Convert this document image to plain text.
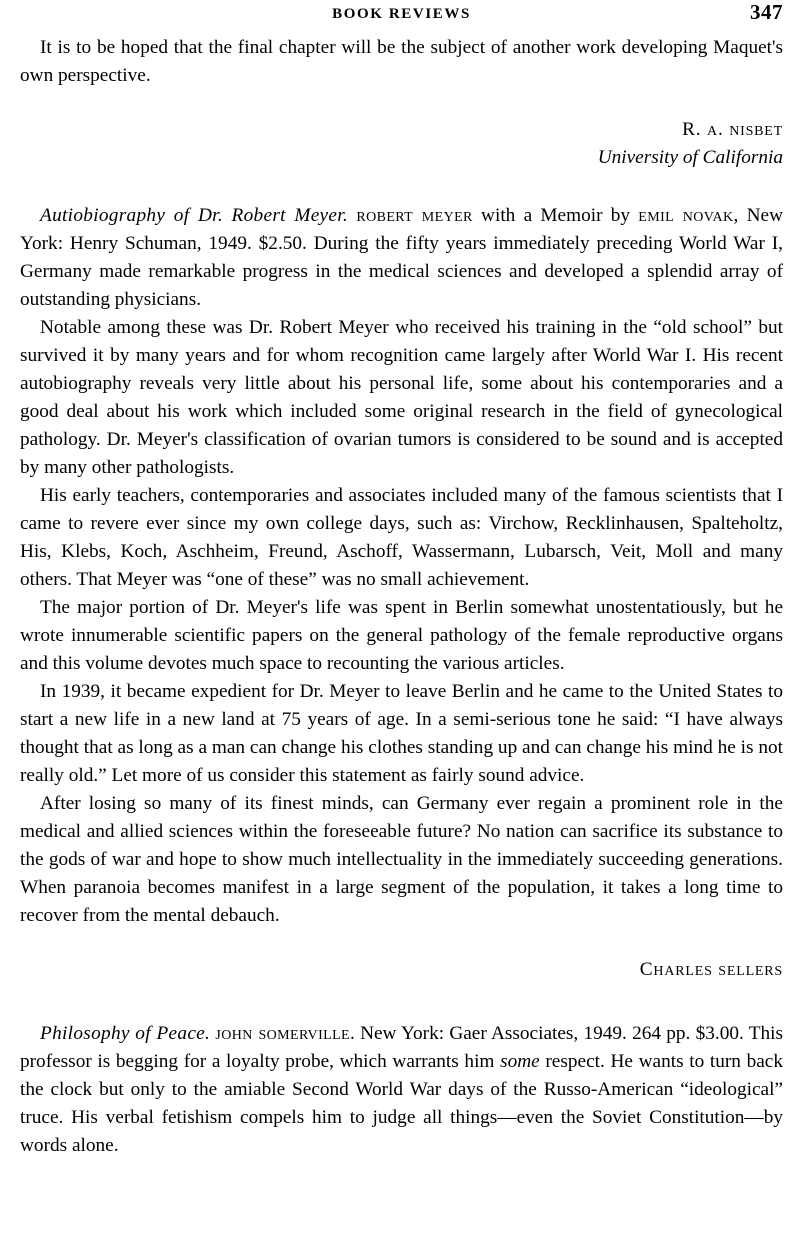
BOOK REVIEWS	347

It is to be hoped that the final chapter will be the subject of another work developing Maquet's own perspective.

R. a. nisbet
University of California

Autiobiography of Dr. Robert Meyer. robert meyer with a Memoir by emil novak, New York: Henry Schuman, 1949. $2.50. During the fifty years immediately preceding World War I, Germany made remarkable progress in the medical sciences and developed a splendid array of outstanding physicians.

Notable among these was Dr. Robert Meyer who received his training in the “old school” but survived it by many years and for whom recognition came largely after World War I. His recent autobiography reveals very little about his personal life, some about his contemporaries and a good deal about his work which included some original research in the field of gynecological pathology. Dr. Meyer's classification of ovarian tumors is considered to be sound and is accepted by many other pathologists.

His early teachers, contemporaries and associates included many of the famous scientists that I came to revere ever since my own college days, such as: Virchow, Recklinhausen, Spalteholtz, His, Klebs, Koch, Aschheim, Freund, Aschoff, Wassermann, Lubarsch, Veit, Moll and many others. That Meyer was “one of these” was no small achievement.

The major portion of Dr. Meyer's life was spent in Berlin somewhat unostentatiously, but he wrote innumerable scientific papers on the general pathology of the female reproductive organs and this volume devotes much space to recounting the various articles.

In 1939, it became expedient for Dr. Meyer to leave Berlin and he came to the United States to start a new life in a new land at 75 years of age. In a semi-serious tone he said: “I have always thought that as long as a man can change his clothes standing up and can change his mind he is not really old.” Let more of us consider this statement as fairly sound advice.

After losing so many of its finest minds, can Germany ever regain a prominent role in the medical and allied sciences within the foreseeable future? No nation can sacrifice its substance to the gods of war and hope to show much intellectuality in the immediately succeeding generations. When paranoia becomes manifest in a large segment of the population, it takes a long time to recover from the mental debauch.

Charles sellers

Philosophy of Peace. john somerville. New York: Gaer Associates, 1949. 264 pp. $3.00. This professor is begging for a loyalty probe, which warrants him some respect. He wants to turn back the clock but only to the amiable Second World War days of the Russo-American “ideological” truce. His verbal fetishism compels him to judge all things—even the Soviet Constitution—by words alone.
